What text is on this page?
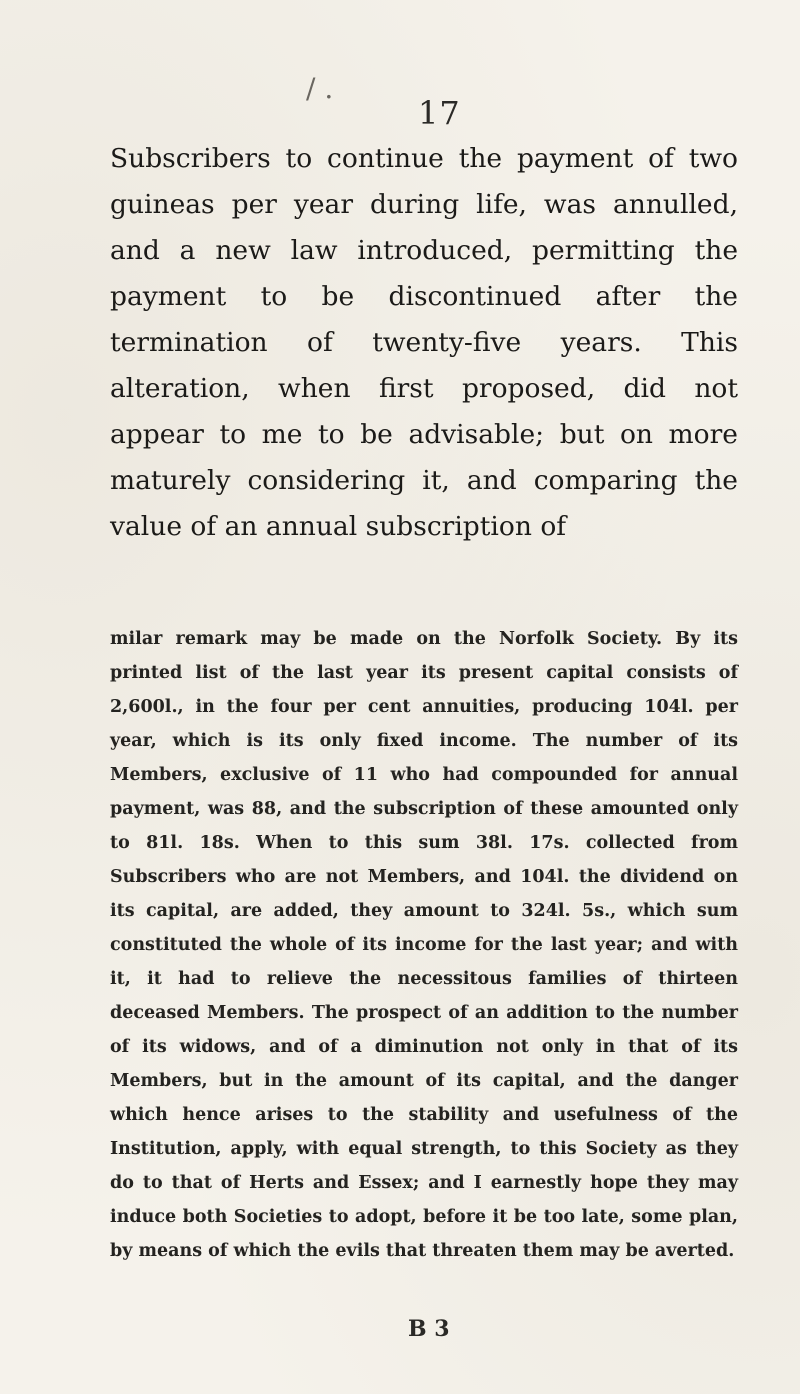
/ .
17

Subscribers to continue the payment of two guineas per year during life, was annulled, and a new law introduced, permitting the payment to be discontinued after the termination of twenty-five years. This alteration, when first proposed, did not appear to me to be advisable; but on more maturely considering it, and comparing the value of an annual subscription of

milar remark may be made on the Norfolk Society. By its printed list of the last year its present capital consists of 2,600l., in the four per cent annuities, producing 104l. per year, which is its only fixed income. The number of its Members, exclusive of 11 who had compounded for annual payment, was 88, and the subscription of these amounted only to 81l. 18s. When to this sum 38l. 17s. collected from Subscribers who are not Members, and 104l. the dividend on its capital, are added, they amount to 324l. 5s., which sum constituted the whole of its income for the last year; and with it, it had to relieve the necessitous families of thirteen deceased Members. The prospect of an addition to the number of its widows, and of a diminution not only in that of its Members, but in the amount of its capital, and the danger which hence arises to the stability and usefulness of the Institution, apply, with equal strength, to this Society as they do to that of Herts and Essex; and I earnestly hope they may induce both Societies to adopt, before it be too late, some plan, by means of which the evils that threaten them may be averted.

B 3
